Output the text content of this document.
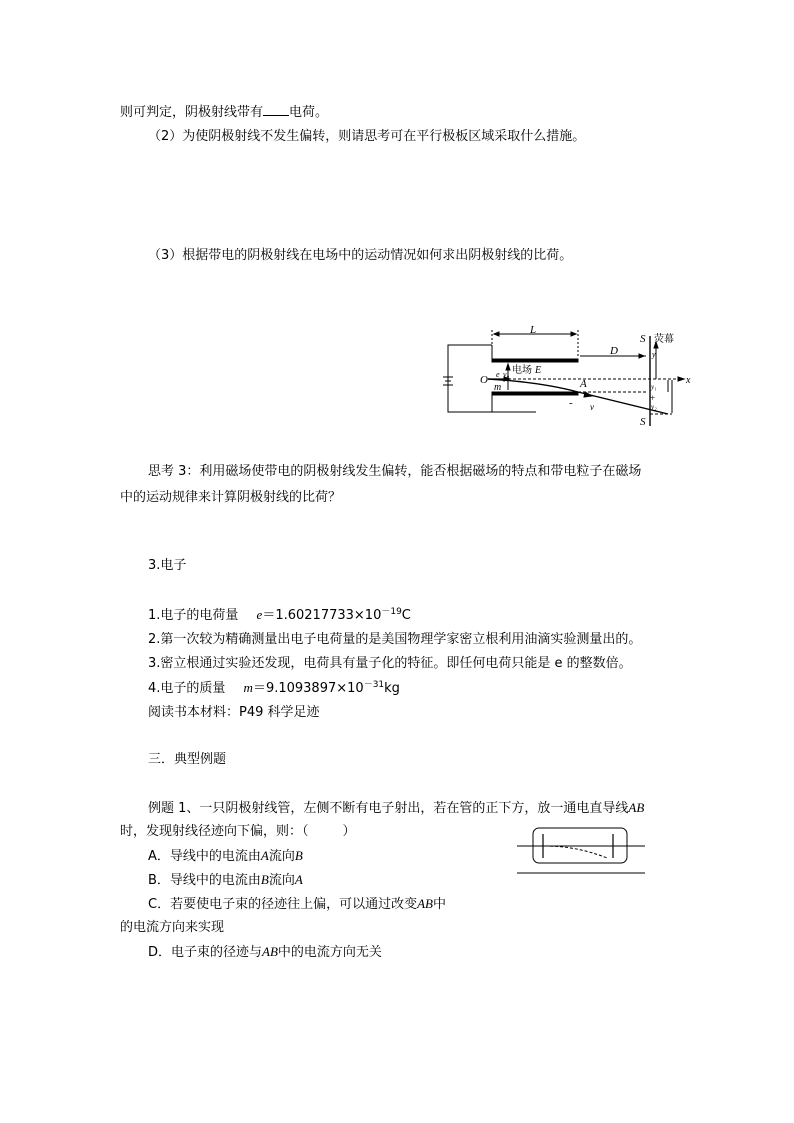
则可判定，阴极射线带有 电荷。
（2）为使阴极射线不发生偏转，则请思考可在平行极板区域采取什么措施。
（3）根据带电的阴极射线在电场中的运动情况如何求出阴极射线的比荷。
L
D
S 荧幕
S
O e v₀
m
电场 E
A
v
y
x
y₁
y₂
+
-
思考 3：利用磁场使带电的阴极射线发生偏转，能否根据磁场的特点和带电粒子在磁场
中的运动规律来计算阴极射线的比荷？
3.电子
1.电子的电荷量 $e=1.60217733\times 10^{-19}C$
2.第一次较为精确测量出电子电荷量的是美国物理学家密立根利用油滴实验测量出的。
3.密立根通过实验还发现，电荷具有量子化的特征。即任何电荷只能是 e 的整数倍。
4.电子的质量 $m=9.1093897\times 10^{-31}kg$
阅读书本材料：P49 科学足迹
三．典型例题
例题 1、一只阴极射线管，左侧不断有电子射出，若在管的正下方，放一通电直导线AB
时，发现射线径迹向下偏，则：（	）
A．导线中的电流由A流向B
B．导线中的电流由B流向A
C．若要使电子束的径迹往上偏，可以通过改变AB中
的电流方向来实现
D．电子束的径迹与AB中的电流方向无关
